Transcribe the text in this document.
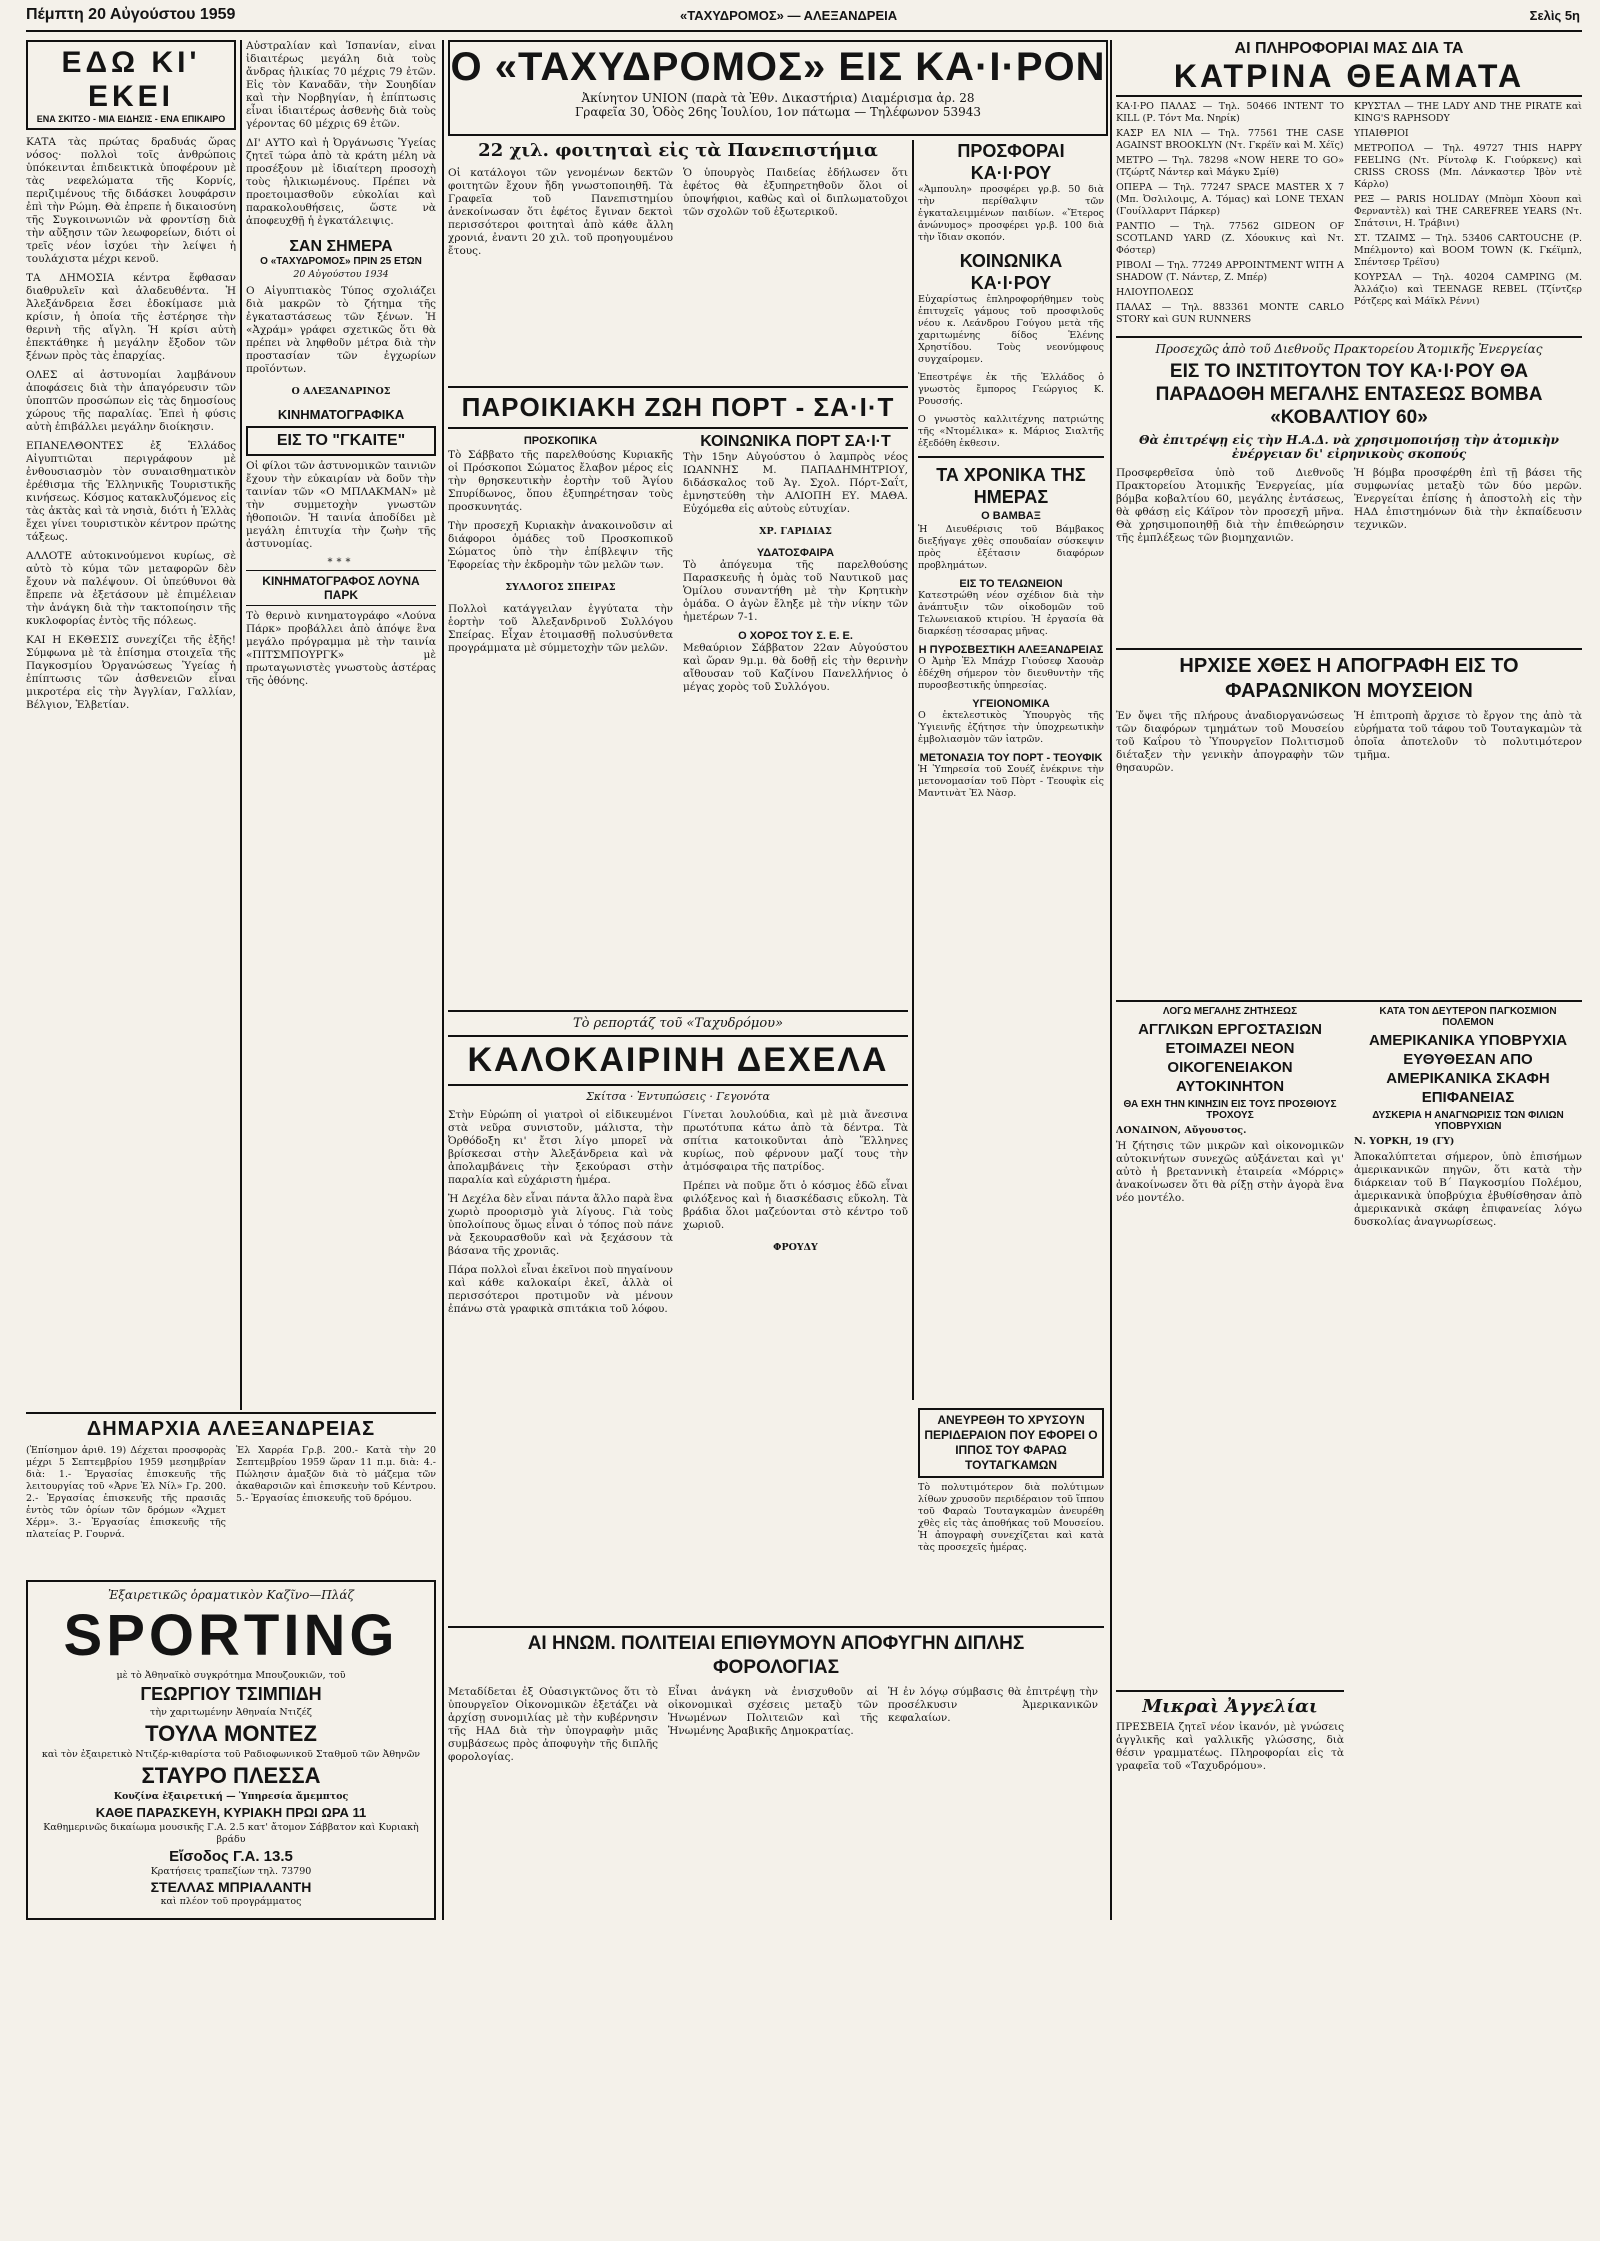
Πέμπτη 20 Αὐγούστου 1959	«ΤΑΧΥΔΡΟΜΟΣ» — ΑΛΕΞΑΝΔΡΕΙΑ	Σελὶς 5η

ΕΔΩ ΚΙ' ΕΚΕΙ

ΕΝΑ ΣΚΙΤΣΟ - ΜΙΑ ΕΙΔΗΣΙΣ - ΕΝΑ ΕΠΙΚΑΙΡΟ

ΚΑΤΑ τὰς πρώτας δραδυάς ὥρας νόσος· πολλοὶ τοῖς ἀνθρώποις ὑπόκεινται ἐπιδεικτικὰ ὑποφέρουν μὲ τὰς νεφελώματα τῆς Κορνίς, περιζιμένους τῆς διδάσκει λουφάρσιν ἐπὶ τὴν Ρώμη. Θὰ ἐπρεπε ἡ δικαιοσύνη τῆς Συγκοινωνιῶν νὰ φροντίσῃ διὰ τὴν αὔξησιν τῶν λεωφορείων, διότι οἱ τρεῖς νέον ἰσχύει τὴν λείψει ἡ τουλάχιστα μέχρι κενοῦ.

ΤΑ ΔΗΜΟΣΙΑ κέντρα ἔφθασαν διαθρυλεῖν καὶ ἁλαδευθέντα. Ἡ Ἀλεξάνδρεια ἔσει ἐδοκίμασε μιὰ κρίσιν, ἡ ὁποία τῆς ἐστέρησε τὴν θερινὴ τῆς αἴγλη. Ἡ κρίσι αὐτὴ ἐπεκτάθηκε ἡ μεγάλην ἔξοδον τῶν ξένων πρὸς τὰς ἐπαρχίας.

ΟΛΕΣ αἱ ἀστυνομίαι λαμβάνουν ἀποφάσεις διὰ τὴν ἀπαγόρευσιν τῶν ὑποπτῶν προσώπων εἰς τὰς δημοσίους χώρους τῆς παραλίας. Ἐπεὶ ἡ φύσις αὐτὴ ἐπιβάλλει μεγάλην διοίκησιν.

ΕΠΑΝΕΛΘΟΝΤΕΣ ἐξ Ἑλλάδος Αἰγυπτιῶται περιγράφουν μὲ ἐνθουσιασμὸν τὸν συναισθηματικὸν ἐρέθισμα τῆς Ἑλληνικῆς Τουριστικῆς κινήσεως. Κόσμος κατακλυζόμενος εἰς τὰς ἀκτὰς καὶ τὰ νησιὰ, διότι ἡ Ἑλλὰς ἔχει γίνει τουριστικὸν κέντρον πρώτης τάξεως.

ΑΛΛΟΤΕ αὐτοκινούμενοι κυρίως, σὲ αὐτὸ τὸ κύμα τῶν μεταφορῶν δὲν ἔχουν νὰ παλέψουν. Οἱ ὑπεύθυνοι θὰ ἔπρεπε νὰ ἐξετάσουν μὲ ἐπιμέλειαν τὴν ἀνάγκη διὰ τὴν τακτοποίησιν τῆς κυκλοφορίας ἐντὸς τῆς πόλεως.

ΚΑΙ Η ΕΚΘΕΣΙΣ συνεχίζει τῆς ἐξῆς! Σύμφωνα μὲ τὰ ἐπίσημα στοιχεῖα τῆς Παγκοσμίου Ὀργανώσεως Ὑγείας ἡ ἐπίπτωσις τῶν ἀσθενειῶν εἶναι μικροτέρα εἰς τὴν Ἀγγλίαν, Γαλλίαν, Βέλγιον, Ἑλβετίαν.

Αὐστραλίαν καὶ Ἰσπανίαν, εἶναι ἰδιαιτέρως μεγάλη διὰ τοὺς ἄνδρας ἡλικίας 70 μέχρις 79 ἐτῶν. Εἰς τὸν Καναδᾶν, τὴν Σουηδίαν καὶ τὴν Νορβηγίαν, ἡ ἐπίπτωσις εἶναι ἰδιαιτέρως ἀσθενὴς διὰ τοὺς γέροντας 60 μέχρις 69 ἐτῶν.

ΔΙ' ΑΥΤΟ καὶ ἡ Ὀργάνωσις Ὑγείας ζητεῖ τώρα ἀπὸ τὰ κράτη μέλη νὰ προσέξουν μὲ ἰδιαίτερη προσοχὴ τοὺς ἡλικιωμένους. Πρέπει νὰ προετοιμασθοῦν εὐκολίαι καὶ παρακολουθήσεις, ὥστε νὰ ἀποφευχθῇ ἡ ἐγκατάλειψις.

ΣΑΝ ΣΗΜΕΡΑ

Ο «ΤΑΧΥΔΡΟΜΟΣ» ΠΡΙΝ 25 ΕΤΩΝ

20 Αὐγούστου 1934

Ο Αἰγυπτιακὸς Τύπος σχολιάζει διὰ μακρῶν τὸ ζήτημα τῆς ἐγκαταστάσεως τῶν ξένων. Ἡ «Ἀχράμ» γράφει σχετικῶς ὅτι θὰ πρέπει νὰ ληφθοῦν μέτρα διὰ τὴν προστασίαν τῶν ἐγχωρίων προϊόντων.

Ο ΑΛΕΞΑΝΔΡΙΝΟΣ

ΚΙΝΗΜΑΤΟΓΡΑΦΙΚΑ

ΕΙΣ ΤΟ "ΓΚΑΙΤΕ"

Οἱ φίλοι τῶν ἀστυνομικῶν ταινιῶν ἔχουν τὴν εὐκαιρίαν νὰ δοῦν τὴν ταινίαν τῶν «Ο ΜΠΛΑΚΜΑΝ» μὲ τὴν συμμετοχὴν γνωστῶν ἠθοποιῶν. Ἡ ταινία ἀποδίδει μὲ μεγάλη ἐπιτυχία τὴν ζωὴν τῆς ἀστυνομίας.

***

ΚΙΝΗΜΑΤΟΓΡΑΦΟΣ ΛΟΥΝΑ ΠΑΡΚ

Τὸ θερινὸ κινηματογράφο «Λούνα Πάρκ» προβάλλει ἀπὸ ἀπόψε ἓνα μεγάλο πρόγραμμα μὲ τὴν ταινία «ΠΙΤΣΜΠΟΥΡΓΚ» μὲ πρωταγωνιστὲς γνωστοὺς ἀστέρας τῆς ὀθόνης.

ΔΗΜΑΡΧΙΑ ΑΛΕΞΑΝΔΡΕΙΑΣ

(Ἐπίσημον ἀριθ. 19) Δέχεται προσφορὰς μέχρι 5 Σεπτεμβρίου 1959 μεσημβρίαν διὰ: 1.- Ἐργασίας ἐπισκευῆς τῆς λειτουργίας τοῦ «Ἀρνε Ἐλ Νίλ» Γρ. 200. 2.- Ἐργασίας ἐπισκευῆς τῆς πρασιᾶς ἐντὸς τῶν ὁρίων τῶν δρόμων «Ἄχμετ Χέρμ». 3.- Ἐργασίας ἐπισκευῆς τῆς πλατείας Ρ. Γουρνά.

Ἐλ Χαρρέα Γρ.β. 200.- Κατὰ τὴν 20 Σεπτεμβρίου 1959 ὥραν 11 π.μ. διὰ: 4.- Πώλησιν ἀμαξῶν διὰ τὸ μάζεμα τῶν ἀκαθαρσιῶν καὶ ἐπισκευὴν τοῦ Κέντρου. 5.- Ἐργασίας ἐπισκευῆς τοῦ δρόμου.

Ἐξαιρετικῶς ὁραματικὸν Καζῖνο—Πλάζ

SPORTING

μὲ τὸ Ἀθηναϊκὸ συγκρότημα Μπουζουκιῶν, τοῦ

ΓΕΩΡΓΙΟΥ ΤΣΙΜΠΙΔΗ

τὴν χαριτωμένην Ἀθηναία Ντιζέζ

ΤΟΥΛΑ ΜΟΝΤΕΖ

καὶ τὸν ἐξαιρετικὸ Ντιζέρ-κιθαρίστα τοῦ Ραδιοφωνικοῦ Σταθμοῦ τῶν Ἀθηνῶν

ΣΤΑΥΡΟ ΠΛΕΣΣΑ

Κουζίνα ἐξαιρετική — Ὑπηρεσία ἄμεμπτος

ΚΑΘΕ ΠΑΡΑΣΚΕΥΗ, ΚΥΡΙΑΚΗ ΠΡΩΙ ΩΡΑ 11

Καθημερινῶς δικαίωμα μουσικῆς Γ.Α. 2.5 κατ' ἄτομον Σάββατον καὶ Κυριακὴ βράδυ

Εἴσοδος Γ.Α. 13.5

Κρατήσεις τραπεζίων τηλ. 73790

ΣΤΕΛΛΑΣ ΜΠΡΙΑΛΑΝΤΗ

καὶ πλέον τοῦ προγράμματος

Ο «ΤΑΧΥΔΡΟΜΟΣ» ΕΙΣ ΚΑ·Ι·ΡΟΝ

Ἀκίνητον UNION (παρὰ τὰ Ἐθν. Δικαστήρια) Διαμέρισμα ἀρ. 28

Γραφεῖα 30, Ὁδὸς 26ης Ἰουλίου, 1ον πάτωμα — Τηλέφωνον 53943

22 χιλ. φοιτηταὶ εἰς τὰ Πανεπιστήμια

Οἱ κατάλογοι τῶν γενομένων δεκτῶν φοιτητῶν ἔχουν ἤδη γνωστοποιηθῆ. Τὰ Γραφεῖα τοῦ Πανεπιστημίου ἀνεκοίνωσαν ὅτι ἐφέτος ἔγιναν δεκτοὶ περισσότεροι φοιτηταὶ ἀπὸ κάθε ἄλλη χρονιά, ἐναντι 20 χιλ. τοῦ προηγουμένου ἔτους.

Ὁ ὑπουργὸς Παιδείας ἐδήλωσεν ὅτι ἐφέτος θὰ ἐξυπηρετηθοῦν ὅλοι οἱ ὑποψήφιοι, καθὼς καὶ οἱ διπλωματοῦχοι τῶν σχολῶν τοῦ ἐξωτερικοῦ.

ΠΡΟΣΦΟΡΑΙ ΚΑ·Ι·ΡΟΥ

«Ἀμπουλη» προσφέρει γρ.β. 50 διὰ τὴν περίθαλψιν τῶν ἐγκαταλειμμένων παιδίων. «Ἔτερος ἀνώνυμος» προσφέρει γρ.β. 100 διὰ τὴν ἴδιαν σκοπόν.

ΚΟΙΝΩΝΙΚΑ ΚΑ·Ι·ΡΟΥ

Εὐχαρίστως ἐπληροφορήθημεν τοὺς ἐπιτυχεῖς γάμους τοῦ προσφιλοῦς νέου κ. Λεάνδρου Γούγου μετὰ τῆς χαριτωμένης δίδος Ἑλένης Χρηστίδου. Τοὺς νεονύμφους συγχαίρομεν.

Ἐπεστρέψε ἐκ τῆς Ἑλλάδος ὁ γνωστὸς ἔμπορος Γεώργιος Κ. Ρουσσής.

Ο γνωστὸς καλλιτέχνης πατριώτης τῆς «Ντομέλικα» κ. Μάριος Σιαλτῆς ἐξεδόθη ἐκθεσιν.

ΤΑ ΧΡΟΝΙΚΑ ΤΗΣ ΗΜΕΡΑΣ

Ο ΒΑΜΒΑΞ

Ἡ Διευθέρισις τοῦ Βάμβακος διεξήγαγε χθὲς σπουδαίαν σύσκεψιν πρὸς ἐξέτασιν διαφόρων προβλημάτων.

ΕΙΣ ΤΟ ΤΕΛΩΝΕΙΟΝ

Κατεστρώθη νέον σχέδιον διὰ τὴν ἀνάπτυξιν τῶν οἰκοδομῶν τοῦ Τελωνειακοῦ κτιρίου. Ἡ ἐργασία θὰ διαρκέσῃ τέσσαρας μῆνας.

Η ΠΥΡΟΣΒΕΣΤΙΚΗ ΑΛΕΞΑΝΔΡΕΙΑΣ

Ο Ἀμὴρ Ἐλ Μπάχρ Γιούσεφ Χαουὰρ ἐδέχθη σήμερον τὸν διευθυντὴν τῆς πυροσβεστικῆς ὑπηρεσίας.

ΥΓΕΙΟΝΟΜΙΚΑ

Ο ἐκτελεστικὸς Ὑπουργὸς τῆς Ὑγιεινῆς ἐζήτησε τὴν ὑποχρεωτικὴν ἐμβολιασμὸν τῶν ἰατρῶν.

ΜΕΤΟΝΑΣΙΑ ΤΟΥ ΠΟΡΤ - ΤΕΟΥΦΙΚ

Ἡ Ὑπηρεσία τοῦ Σουέζ ἐνέκρινε τὴν μετονομασίαν τοῦ Πὸρτ - Τεουφὶκ εἰς Μαντινὰτ Ἐλ Νὰσρ.

ΠΑΡΟΙΚΙΑΚΗ ΖΩΗ ΠΟΡΤ - ΣΑ·Ι·Τ

ΠΡΟΣΚΟΠΙΚΑ

Τὸ Σάββατο τῆς παρελθούσης Κυριακῆς οἱ Πρόσκοποι Σώματος ἔλαβον μέρος εἰς τὴν θρησκευτικὴν ἑορτὴν τοῦ Ἁγίου Σπυρίδωνος, ὅπου ἐξυπηρέτησαν τοὺς προσκυνητάς.

Τὴν προσεχῆ Κυριακὴν ἀνακοινοῦσιν αἱ διάφοροι ὁμάδες τοῦ Προσκοπικοῦ Σώματος ὑπὸ τὴν ἐπίβλεψιν τῆς Ἐφορείας τὴν ἐκδρομὴν τῶν μελῶν των.

ΣΥΛΛΟΓΟΣ ΣΠΕΙΡΑΣ

Πολλοὶ κατάγγειλαν ἐγγύτατα τὴν ἑορτὴν τοῦ Ἀλεξανδρινοῦ Συλλόγου Σπείρας. Εἶχαν ἑτοιμασθῇ πολυσύνθετα προγράμματα μὲ σύμμετοχὴν τῶν μελῶν.

ΚΟΙΝΩΝΙΚΑ ΠΟΡΤ ΣΑ·Ι·Τ

Τὴν 15ην Αὐγούστου ὁ λαμπρὸς νέος ΙΩΑΝΝΗΣ Μ. ΠΑΠΑΔΗΜΗΤΡΙΟΥ, διδάσκαλος τοῦ Ἀγ. Σχολ. Πόρτ-Σαΐτ, ἐμνηστεύθη τὴν ΑΛΙΟΠΗ ΕΥ. ΜΑΘΑ. Εὐχόμεθα εἰς αὐτοὺς εὐτυχίαν.

ΧΡ. ΓΑΡΙΔΙΑΣ

ΥΔΑΤΟΣΦΑΙΡΑ

Τὸ ἀπόγευμα τῆς παρελθούσης Παρασκευῆς ἡ ὁμὰς τοῦ Ναυτικοῦ μας Ὁμίλου συναντήθη μὲ τὴν Κρητικὴν ὁμάδα. Ο ἀγὼν ἔληξε μὲ τὴν νίκην τῶν ἡμετέρων 7-1.

Ο ΧΟΡΟΣ ΤΟΥ Σ. Ε. Ε.

Μεθαύριον Σάββατον 22αν Αὐγούστου καὶ ὥραν 9μ.μ. θὰ δοθῇ εἰς τὴν θερινὴν αἴθουσαν τοῦ Καζίνου Πανελλήνιος ὁ μέγας χορὸς τοῦ Συλλόγου.

Τὸ ρεπορτάζ τοῦ «Ταχυδρόμου»

ΚΑΛΟΚΑΙΡΙΝΗ ΔΕΧΕΛΑ

Σκίτσα · Ἐντυπώσεις · Γεγονότα

Στὴν Εὐρώπη οἱ γιατροὶ οἱ εἰδικευμένοι στὰ νεῦρα συνιστοῦν, μάλιστα, τὴν Ὀρθόδοξη κι' ἔτσι λίγο μπορεῖ νὰ βρίσκεσαι στὴν Ἀλεξάνδρεια καὶ νὰ ἀπολαμβάνεις τὴν ξεκούρασι στὴν παραλία καὶ εὐχάριστη ἡμέρα.

Ἡ Δεχέλα δὲν εἶναι πάντα ἄλλο παρὰ ἓνα χωριὸ προορισμὸ γιὰ λίγους. Γιὰ τοὺς ὑπολοίπους ὅμως εἶναι ὁ τόπος ποὺ πάνε νὰ ξεκουρασθοῦν καὶ νὰ ξεχάσουν τὰ βάσανα τῆς χρονιᾶς.

Πάρα πολλοὶ εἶναι ἐκεῖνοι ποὺ πηγαίνουν καὶ κάθε καλοκαίρι ἐκεῖ, ἀλλὰ οἱ περισσότεροι προτιμοῦν νὰ μένουν ἐπάνω στὰ γραφικὰ σπιτάκια τοῦ λόφου.

Γίνεται λουλούδια, καὶ μὲ μιὰ ἄνεσινα πρωτότυπα κάτω ἀπὸ τὰ δέντρα. Τὰ σπίτια κατοικοῦνται ἀπὸ Ἕλληνες κυρίως, ποὺ φέρνουν μαζί τους τὴν ἀτμόσφαιρα τῆς πατρίδος.

Πρέπει νὰ ποῦμε ὅτι ὁ κόσμος ἐδῶ εἶναι φιλόξενος καὶ ἡ διασκέδασις εὔκολη. Τὰ βράδια ὅλοι μαζεύονται στὸ κέντρο τοῦ χωριοῦ.

ΦΡΟΥΔΥ

ΑΝΕΥΡΕΘΗ ΤΟ ΧΡΥΣΟΥΝ ΠΕΡΙΔΕΡΑΙΟΝ ΠΟΥ ΕΦΟΡΕΙ Ο ΙΠΠΟΣ ΤΟΥ ΦΑΡΑΩ ΤΟΥΤΑΓΚΑΜΩΝ

Τὸ πολυτιμότερον διὰ πολύτιμων λίθων χρυσοῦν περιδέραιον τοῦ ἵππου τοῦ Φαραὼ Τουταγκαμὼν ἀνευρέθη χθὲς εἰς τὰς ἀποθήκας τοῦ Μουσείου. Ἡ ἀπογραφὴ συνεχίζεται καὶ κατὰ τὰς προσεχεῖς ἡμέρας.

ΑΙ ΗΝΩΜ. ΠΟΛΙΤΕΙΑΙ ΕΠΙΘΥΜΟΥΝ ΑΠΟΦΥΓΗΝ ΔΙΠΛΗΣ ΦΟΡΟΛΟΓΙΑΣ

Μεταδίδεται ἐξ Οὐασιγκτῶνος ὅτι τὸ ὑπουργεῖον Οἰκονομικῶν ἐξετάζει νὰ ἀρχίσῃ συνομιλίας μὲ τὴν κυβέρνησιν τῆς ΗΑΔ διὰ τὴν ὑπογραφὴν μιᾶς συμβάσεως πρὸς ἀποφυγὴν τῆς διπλῆς φορολογίας.

Εἶναι ἀνάγκη νὰ ἐνισχυθοῦν αἱ οἰκονομικαὶ σχέσεις μεταξὺ τῶν Ἡνωμένων Πολιτειῶν καὶ τῆς Ἡνωμένης Ἀραβικῆς Δημοκρατίας.

Ἡ ἐν λόγῳ σύμβασις θὰ ἐπιτρέψῃ τὴν προσέλκυσιν Ἀμερικανικῶν κεφαλαίων.

ΑΙ ΠΛΗΡΟΦΟΡΙΑΙ ΜΑΣ ΔΙΑ ΤΑ

ΚΑΤΡΙΝΑ ΘΕΑΜΑΤΑ

ΚΑ·Ι·ΡΟ ΠΑΛΑΣ — Τηλ. 50466 INTENT TO KILL (Ρ. Τόντ Μα. Νηρίκ)

ΚΑΣΡ ΕΛ ΝΙΛ — Τηλ. 77561 THE CASE AGAINST BROOKLYN (Ντ. Γκρέϊν καὶ Μ. Χέϊς)

ΜΕΤΡΟ — Τηλ. 78298 «NOW HERE TO GO» (Τζώρτζ Νάντερ καὶ Μάγκυ Σμίθ)

ΟΠΕΡΑ — Τηλ. 77247 SPACE MASTER X 7 (Μπ. Ὀσλιλοιμς, Α. Τόμας) καὶ LONE TEXAN (Γουίλλαρντ Πάρκερ)

ΡΑΝΤΙΟ — Τηλ. 77562 GIDEON OF SCOTLAND YARD (Ζ. Χόουκινς καὶ Ντ. Φόστερ)

ΡΙΒΟΛΙ — Τηλ. 77249 APPOINTMENT WITH A SHADOW (Τ. Νάντερ, Ζ. Μπέρ)

ΗΛΙΟΥΠΟΛΕΩΣ

ΠΑΛΑΣ — Τηλ. 883361 MONTE CARLO STORY καὶ GUN RUNNERS

ΚΡΥΣΤΑΛ — THE LADY AND THE PIRATE καὶ KING'S RAPHSODY

ΥΠΑΙΘΡΙΟΙ

ΜΕΤΡΟΠΟΛ — Τηλ. 49727 THIS HAPPY FEELING (Ντ. Ρίντολφ Κ. Γιούρκενς) καὶ CRISS CROSS (Μπ. Λάνκαστερ Ἰβὸν ντὲ Κάρλο)

ΡΕΞ — PARIS HOLIDAY (Μπὸμπ Χὸουπ καὶ Φερναντὲλ) καὶ THE CAREFREE YEARS (Ντ. Σπάτσινι, Η. Τράβινι)

ΣΤ. ΤΖΑΙΜΣ — Τηλ. 53406 CARTOUCHE (Ρ. Μπέλμοντο) καὶ BOOM TOWN (Κ. Γκέϊμπλ, Σπέντσερ Τρέϊσυ)

ΚΟΥΡΣΑΛ — Τηλ. 40204 CAMPING (Μ. Ἀλλάζιο) καὶ TEENAGE REBEL (Τζίντζερ Ρότζερς καὶ Μάϊκλ Ρέννι)

Προσεχῶς ἀπὸ τοῦ Διεθνοῦς Πρακτορείου Ἀτομικῆς Ἐνεργείας

ΕΙΣ ΤΟ ΙΝΣΤΙΤΟΥΤΟΝ ΤΟΥ ΚΑ·Ι·ΡΟΥ ΘΑ ΠΑΡΑΔΟΘΗ ΜΕΓΑΛΗΣ ΕΝΤΑΣΕΩΣ ΒΟΜΒΑ «ΚΟΒΑΛΤΙΟΥ 60»

Θὰ ἐπιτρέψῃ εἰς τὴν Η.Α.Δ. νὰ χρησιμοποιήσῃ τὴν ἀτομικὴν ἐνέργειαν δι' εἰρηνικοὺς σκοπούς

Προσφερθεῖσα ὑπὸ τοῦ Διεθνοῦς Πρακτορείου Ἀτομικῆς Ἐνεργείας, μία βόμβα κοβαλτίου 60, μεγάλης ἐντάσεως, θὰ φθάσῃ εἰς Κάϊρον τὸν προσεχῆ μῆνα. Θὰ χρησιμοποιηθῇ διὰ τὴν ἐπιθεώρησιν τῆς ἐμπλέξεως τῶν βιομηχανιῶν.

Ἡ βόμβα προσφέρθη ἐπὶ τῇ βάσει τῆς συμφωνίας μεταξὺ τῶν δύο μερῶν. Ἐνεργείται ἐπίσης ἡ ἀποστολὴ εἰς τὴν ΗΑΔ ἐπιστημόνων διὰ τὴν ἐκπαίδευσιν τεχνικῶν.

ΗΡΧΙΣΕ ΧΘΕΣ Η ΑΠΟΓΡΑΦΗ ΕΙΣ ΤΟ ΦΑΡΑΩΝΙΚΟΝ ΜΟΥΣΕΙΟΝ

Ἐν ὄψει τῆς πλήρους ἀναδιοργανώσεως τῶν διαφόρων τμημάτων τοῦ Μουσείου τοῦ Καΐρου τὸ Ὑπουργεῖον Πολιτισμοῦ διέταξεν τὴν γενικὴν ἀπογραφὴν τῶν θησαυρῶν.

Ἡ ἐπιτροπὴ ἄρχισε τὸ ἔργον της ἀπὸ τὰ εὑρήματα τοῦ τάφου τοῦ Τουταγκαμὼν τὰ ὁποῖα ἀποτελοῦν τὸ πολυτιμότερον τμῆμα.

ΛΟΓΩ ΜΕΓΑΛΗΣ ΖΗΤΗΣΕΩΣ

ΑΓΓΛΙΚΩΝ ΕΡΓΟΣΤΑΣΙΩΝ ΕΤΟΙΜΑΖΕΙ ΝΕΟΝ ΟΙΚΟΓΕΝΕΙΑΚΟΝ ΑΥΤΟΚΙΝΗΤΟΝ

ΘΑ ΕΧΗ ΤΗΝ ΚΙΝΗΣΙΝ ΕΙΣ ΤΟΥΣ ΠΡΟΣΘΙΟΥΣ ΤΡΟΧΟΥΣ

ΛΟΝΔΙΝΟΝ, Αὔγουστος.

Ἡ ζήτησις τῶν μικρῶν καὶ οἰκονομικῶν αὐτοκινήτων συνεχῶς αὐξάνεται καὶ γι' αὐτὸ ἡ βρεταννικὴ ἑταιρεία «Μόρρις» ἀνακοίνωσεν ὅτι θὰ ρίξῃ στὴν ἀγορὰ ἓνα νέο μοντέλο.

ΚΑΤΑ ΤΟΝ ΔΕΥΤΕΡΟΝ ΠΑΓΚΟΣΜΙΟΝ ΠΟΛΕΜΟΝ

ΑΜΕΡΙΚΑΝΙΚΑ ΥΠΟΒΡΥΧΙΑ ΕΥΘΥΘΕΣΑΝ ΑΠΟ ΑΜΕΡΙΚΑΝΙΚΑ ΣΚΑΦΗ ΕΠΙΦΑΝΕΙΑΣ

ΔΥΣΚΕΡΙΑ Η ΑΝΑΓΝΩΡΙΣΙΣ ΤΩΝ ΦΙΛΙΩΝ ΥΠΟΒΡΥΧΙΩΝ

Ν. ΥΟΡΚΗ, 19 (ΓΥ)

Ἀποκαλύπτεται σήμερον, ὑπὸ ἐπισήμων ἀμερικανικῶν πηγῶν, ὅτι κατὰ τὴν διάρκειαν τοῦ Β΄ Παγκοσμίου Πολέμου, ἀμερικανικὰ ὑποβρύχια ἐβυθίσθησαν ἀπὸ ἀμερικανικὰ σκάφη ἐπιφανείας λόγω δυσκολίας ἀναγνωρίσεως.

Μικραὶ Ἀγγελίαι

ΠΡΕΣΒΕΙΑ ζητεῖ νέον ἰκανόν, μὲ γνώσεις ἀγγλικῆς καὶ γαλλικῆς γλώσσης, διὰ θέσιν γραμματέως. Πληροφορίαι εἰς τὰ γραφεῖα τοῦ «Ταχυδρόμου».
